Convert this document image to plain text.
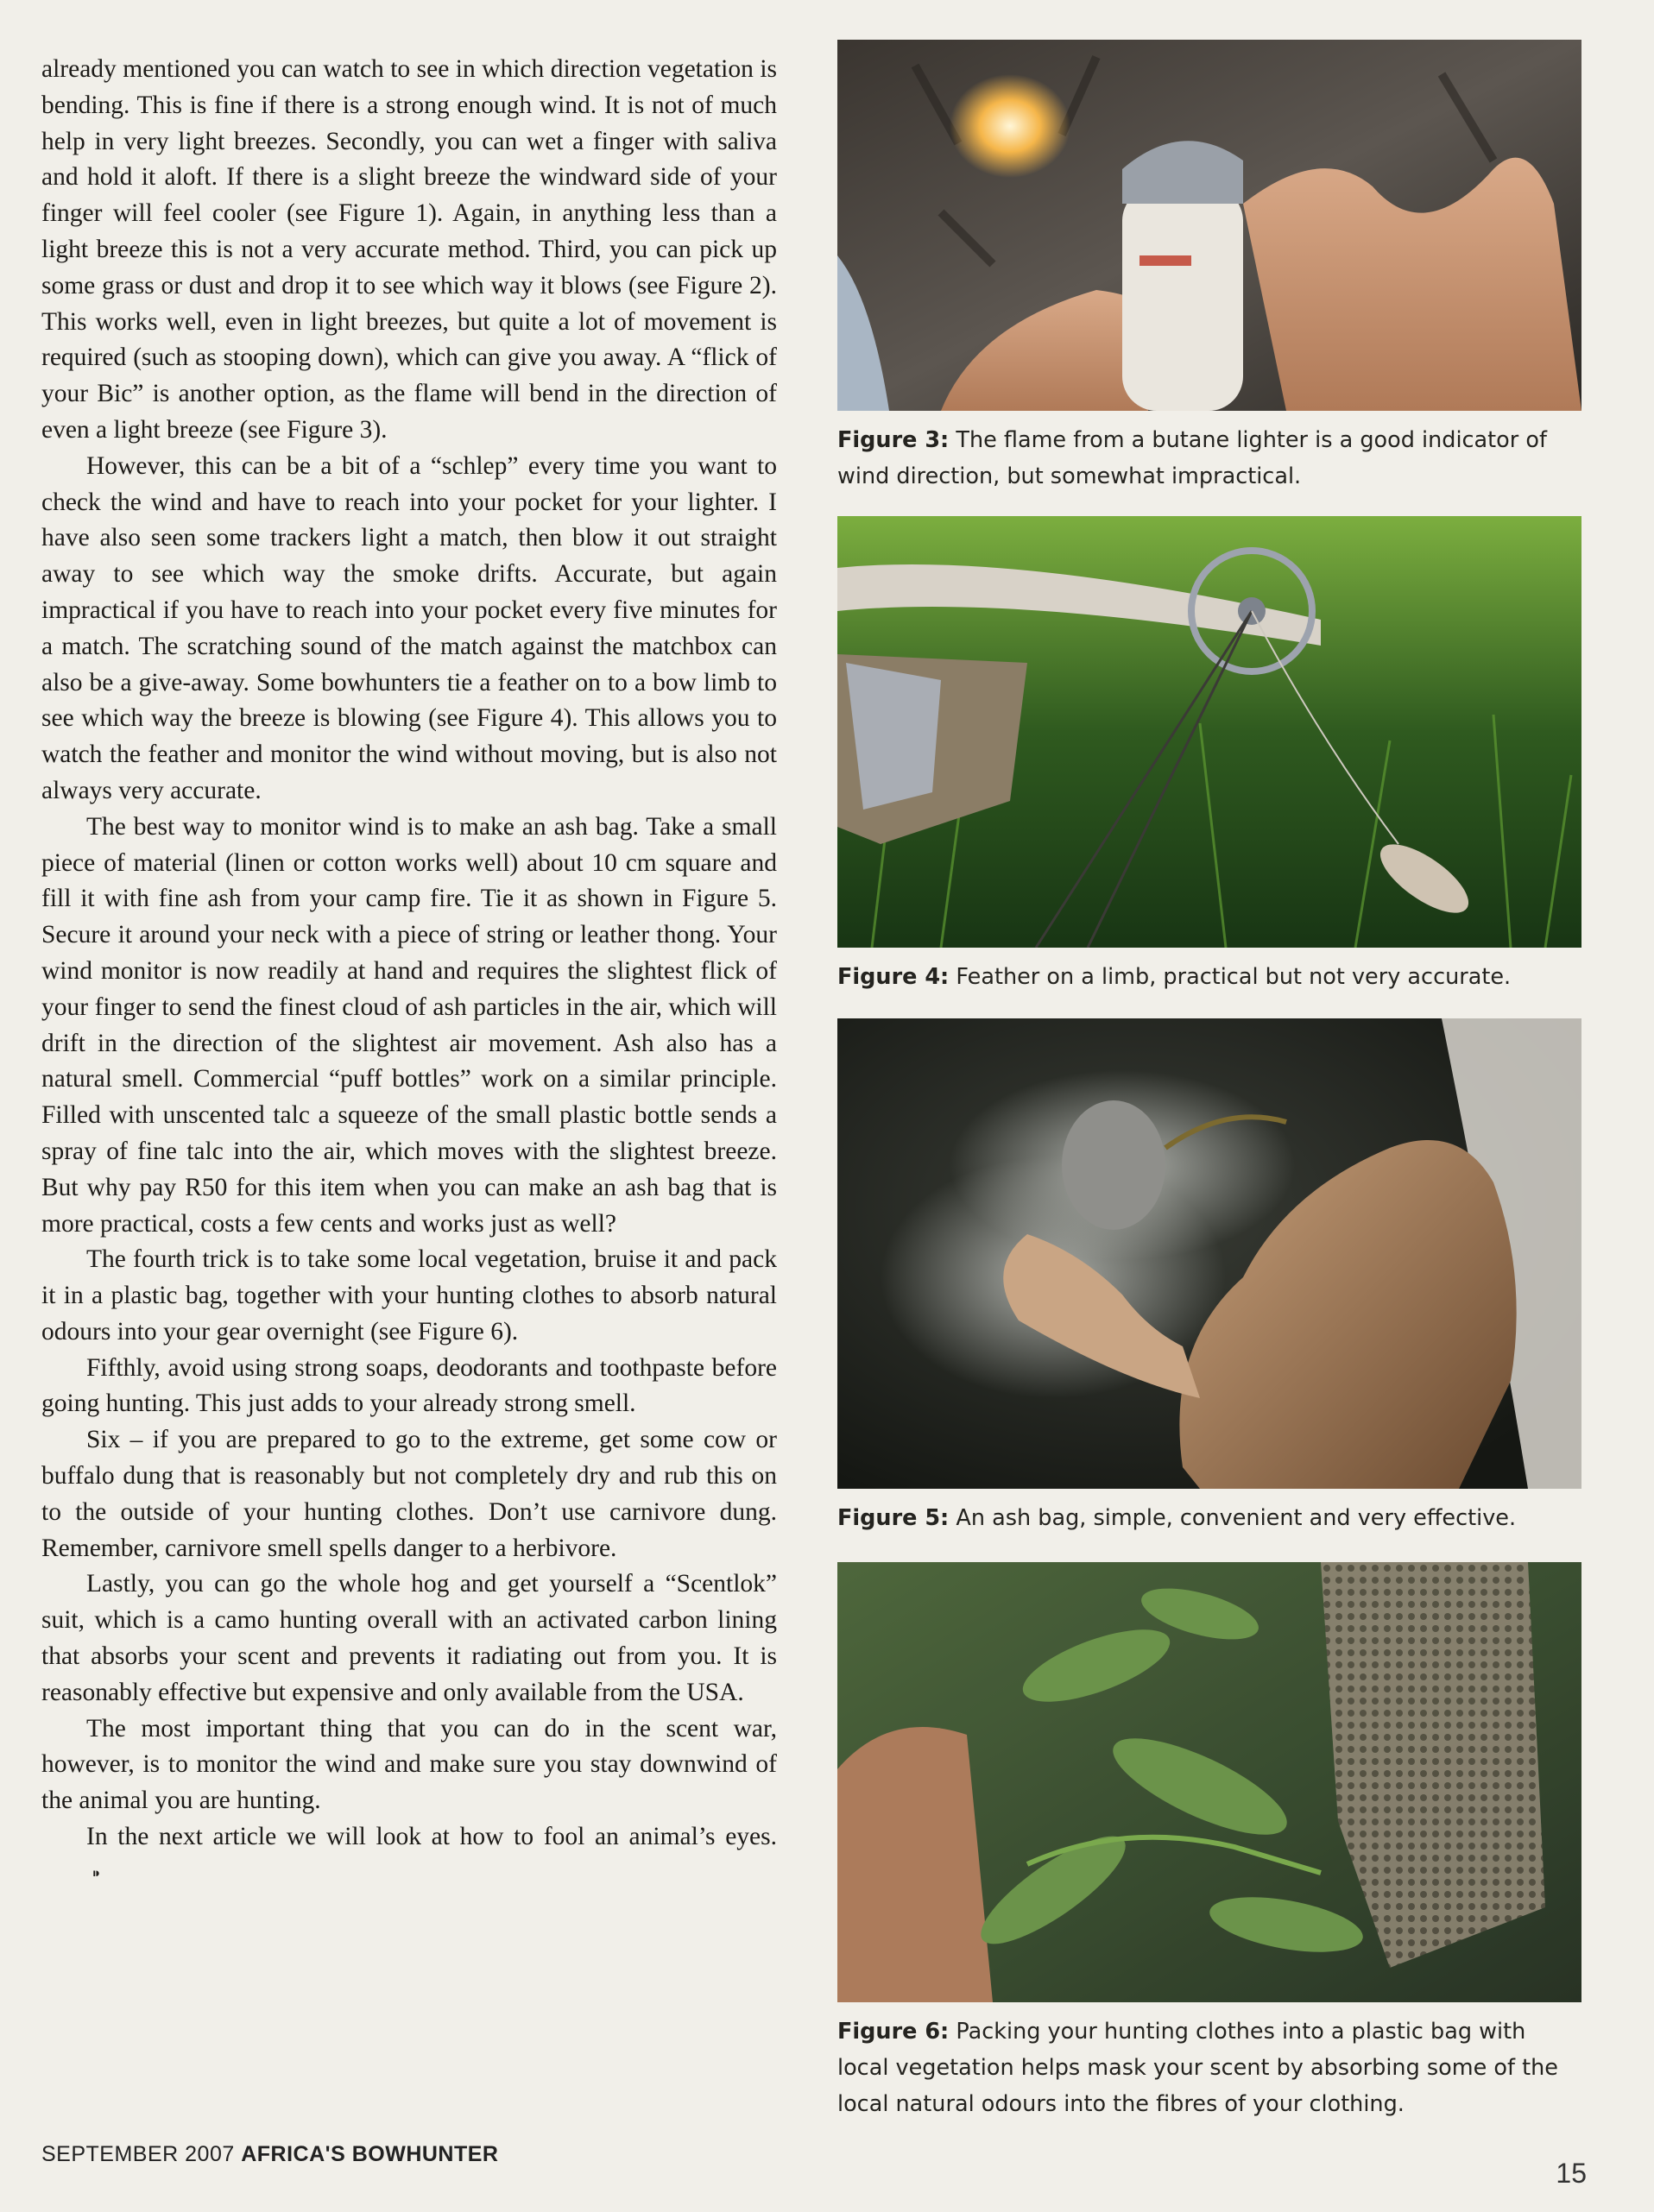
already mentioned you can watch to see in which direction vegetation is bending. This is fine if there is a strong enough wind. It is not of much help in very light breezes. Secondly, you can wet a finger with saliva and hold it aloft. If there is a slight breeze the windward side of your finger will feel cooler (see Figure 1). Again, in anything less than a light breeze this is not a very accurate method. Third, you can pick up some grass or dust and drop it to see which way it blows (see Figure 2). This works well, even in light breezes, but quite a lot of movement is required (such as stooping down), which can give you away. A “flick of your Bic” is another option, as the flame will bend in the direction of even a light breeze (see Figure 3).

However, this can be a bit of a “schlep” every time you want to check the wind and have to reach into your pocket for your lighter. I have also seen some trackers light a match, then blow it out straight away to see which way the smoke drifts. Accurate, but again impractical if you have to reach into your pocket every five minutes for a match. The scratching sound of the match against the matchbox can also be a give-away. Some bowhunters tie a feather on to a bow limb to see which way the breeze is blowing (see Figure 4). This allows you to watch the feather and monitor the wind without moving, but is also not always very accurate.

The best way to monitor wind is to make an ash bag. Take a small piece of material (linen or cotton works well) about 10 cm square and fill it with fine ash from your camp fire. Tie it as shown in Figure 5. Secure it around your neck with a piece of string or leather thong. Your wind monitor is now readily at hand and requires the slightest flick of your finger to send the finest cloud of ash particles in the air, which will drift in the direction of the slightest air movement. Ash also has a natural smell. Commercial “puff bottles” work on a similar principle. Filled with unscented talc a squeeze of the small plastic bottle sends a spray of fine talc into the air, which moves with the slightest breeze. But why pay R50 for this item when you can make an ash bag that is more practical, costs a few cents and works just as well?

The fourth trick is to take some local vegetation, bruise it and pack it in a plastic bag, together with your hunting clothes to absorb natural odours into your gear overnight (see Figure 6).

Fifthly, avoid using strong soaps, deodorants and toothpaste before going hunting. This just adds to your already strong smell.

Six – if you are prepared to go to the extreme, get some cow or buffalo dung that is reasonably but not completely dry and rub this on to the outside of your hunting clothes. Don’t use carnivore dung. Remember, carnivore smell spells danger to a herbivore.

Lastly, you can go the whole hog and get yourself a “Scentlok” suit, which is a camo hunting overall with an activated carbon lining that absorbs your scent and prevents it radiating out from you. It is reasonably effective but expensive and only available from the USA.

The most important thing that you can do in the scent war, however, is to monitor the wind and make sure you stay downwind of the animal you are hunting.

In the next article we will look at how to fool an animal’s eyes.⁍

Figure 3: The flame from a butane lighter is a good indicator of wind direction, but somewhat impractical.
Figure 4: Feather on a limb, practical but not very accurate.
Figure 5: An ash bag, simple, convenient and very effective.
Figure 6: Packing your hunting clothes into a plastic bag with local vegetation helps mask your scent by absorbing some of the local natural odours into the fibres of your clothing.
SEPTEMBER 2007 AFRICA'S BOWHUNTER
15
